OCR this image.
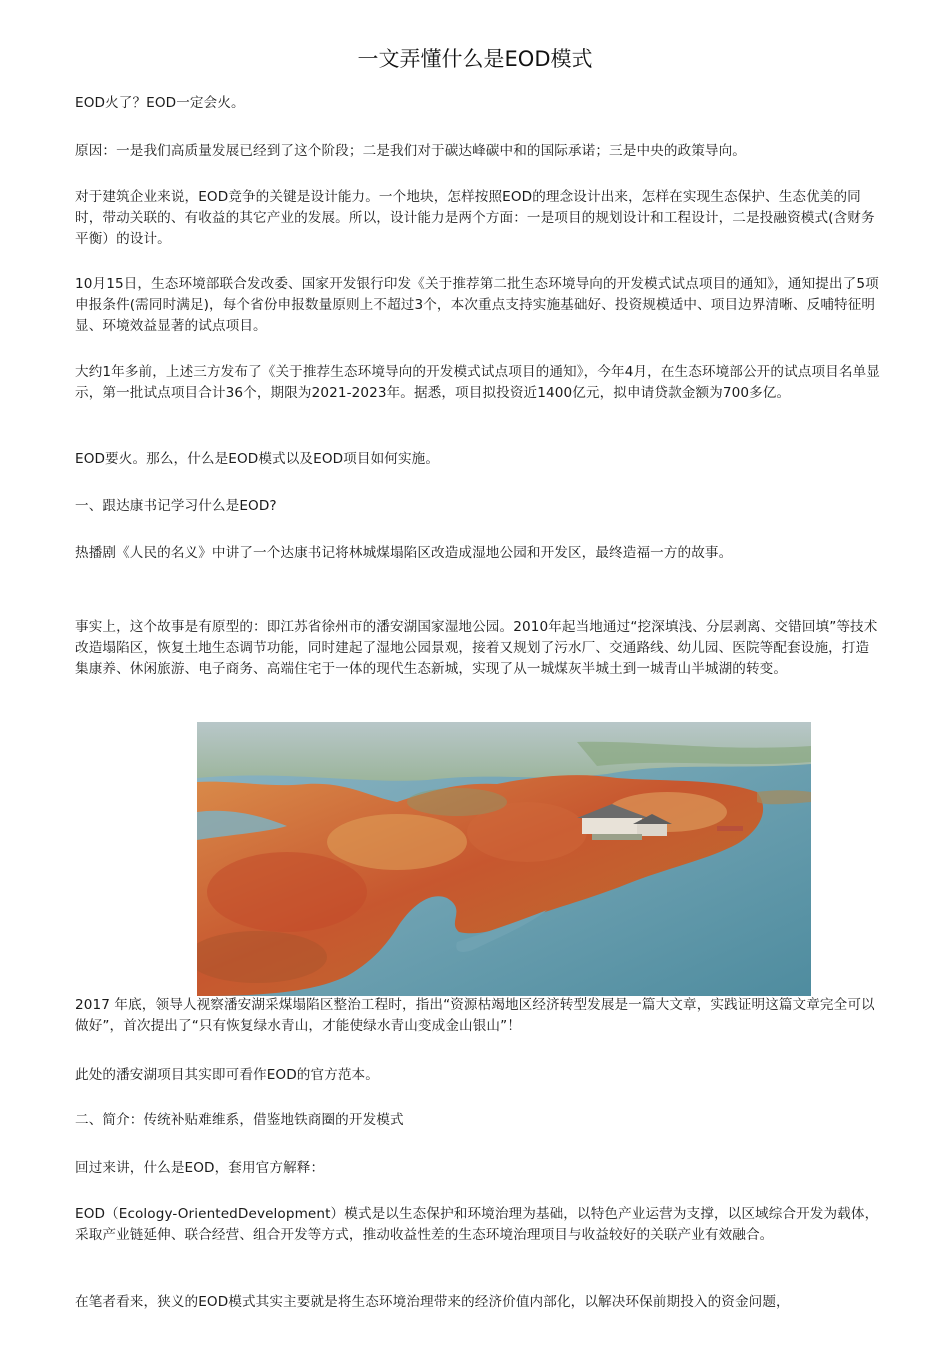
一文弄懂什么是EOD模式

EOD火了？EOD一定会火。

原因：一是我们高质量发展已经到了这个阶段；二是我们对于碳达峰碳中和的国际承诺；三是中央的政策导向。

对于建筑企业来说，EOD竞争的关键是设计能力。一个地块，怎样按照EOD的理念设计出来，怎样在实现生态保护、生态优美的同时，带动关联的、有收益的其它产业的发展。所以，设计能力是两个方面：一是项目的规划设计和工程设计，二是投融资模式(含财务平衡）的设计。

10月15日，生态环境部联合发改委、国家开发银行印发《关于推荐第二批生态环境导向的开发模式试点项目的通知》，通知提出了5项申报条件(需同时满足)，每个省份申报数量原则上不超过3个，本次重点支持实施基础好、投资规模适中、项目边界清晰、反哺特征明显、环境效益显著的试点项目。

大约1年多前，上述三方发布了《关于推荐生态环境导向的开发模式试点项目的通知》，今年4月，在生态环境部公开的试点项目名单显示，第一批试点项目合计36个，期限为2021-2023年。据悉，项目拟投资近1400亿元，拟申请贷款金额为700多亿。

EOD要火。那么，什么是EOD模式以及EOD项目如何实施。

一、跟达康书记学习什么是EOD?

热播剧《人民的名义》中讲了一个达康书记将林城煤塌陷区改造成湿地公园和开发区，最终造福一方的故事。

事实上，这个故事是有原型的：即江苏省徐州市的潘安湖国家湿地公园。2010年起当地通过“挖深填浅、分层剥离、交错回填”等技术改造塌陷区，恢复土地生态调节功能，同时建起了湿地公园景观，接着又规划了污水厂、交通路线、幼儿园、医院等配套设施，打造集康养、休闲旅游、电子商务、高端住宅于一体的现代生态新城，实现了从一城煤灰半城土到一城青山半城湖的转变。

2017 年底，领导人视察潘安湖采煤塌陷区整治工程时，指出“资源枯竭地区经济转型发展是一篇大文章，实践证明这篇文章完全可以做好”，首次提出了“只有恢复绿水青山，才能使绿水青山变成金山银山”！

此处的潘安湖项目其实即可看作EOD的官方范本。

二、简介：传统补贴难维系，借鉴地铁商圈的开发模式

回过来讲，什么是EOD，套用官方解释：

EOD（Ecology-OrientedDevelopment）模式是以生态保护和环境治理为基础，以特色产业运营为支撑，以区域综合开发为载体，采取产业链延伸、联合经营、组合开发等方式，推动收益性差的生态环境治理项目与收益较好的关联产业有效融合。

在笔者看来，狭义的EOD模式其实主要就是将生态环境治理带来的经济价值内部化，以解决环保前期投入的资金问题，
